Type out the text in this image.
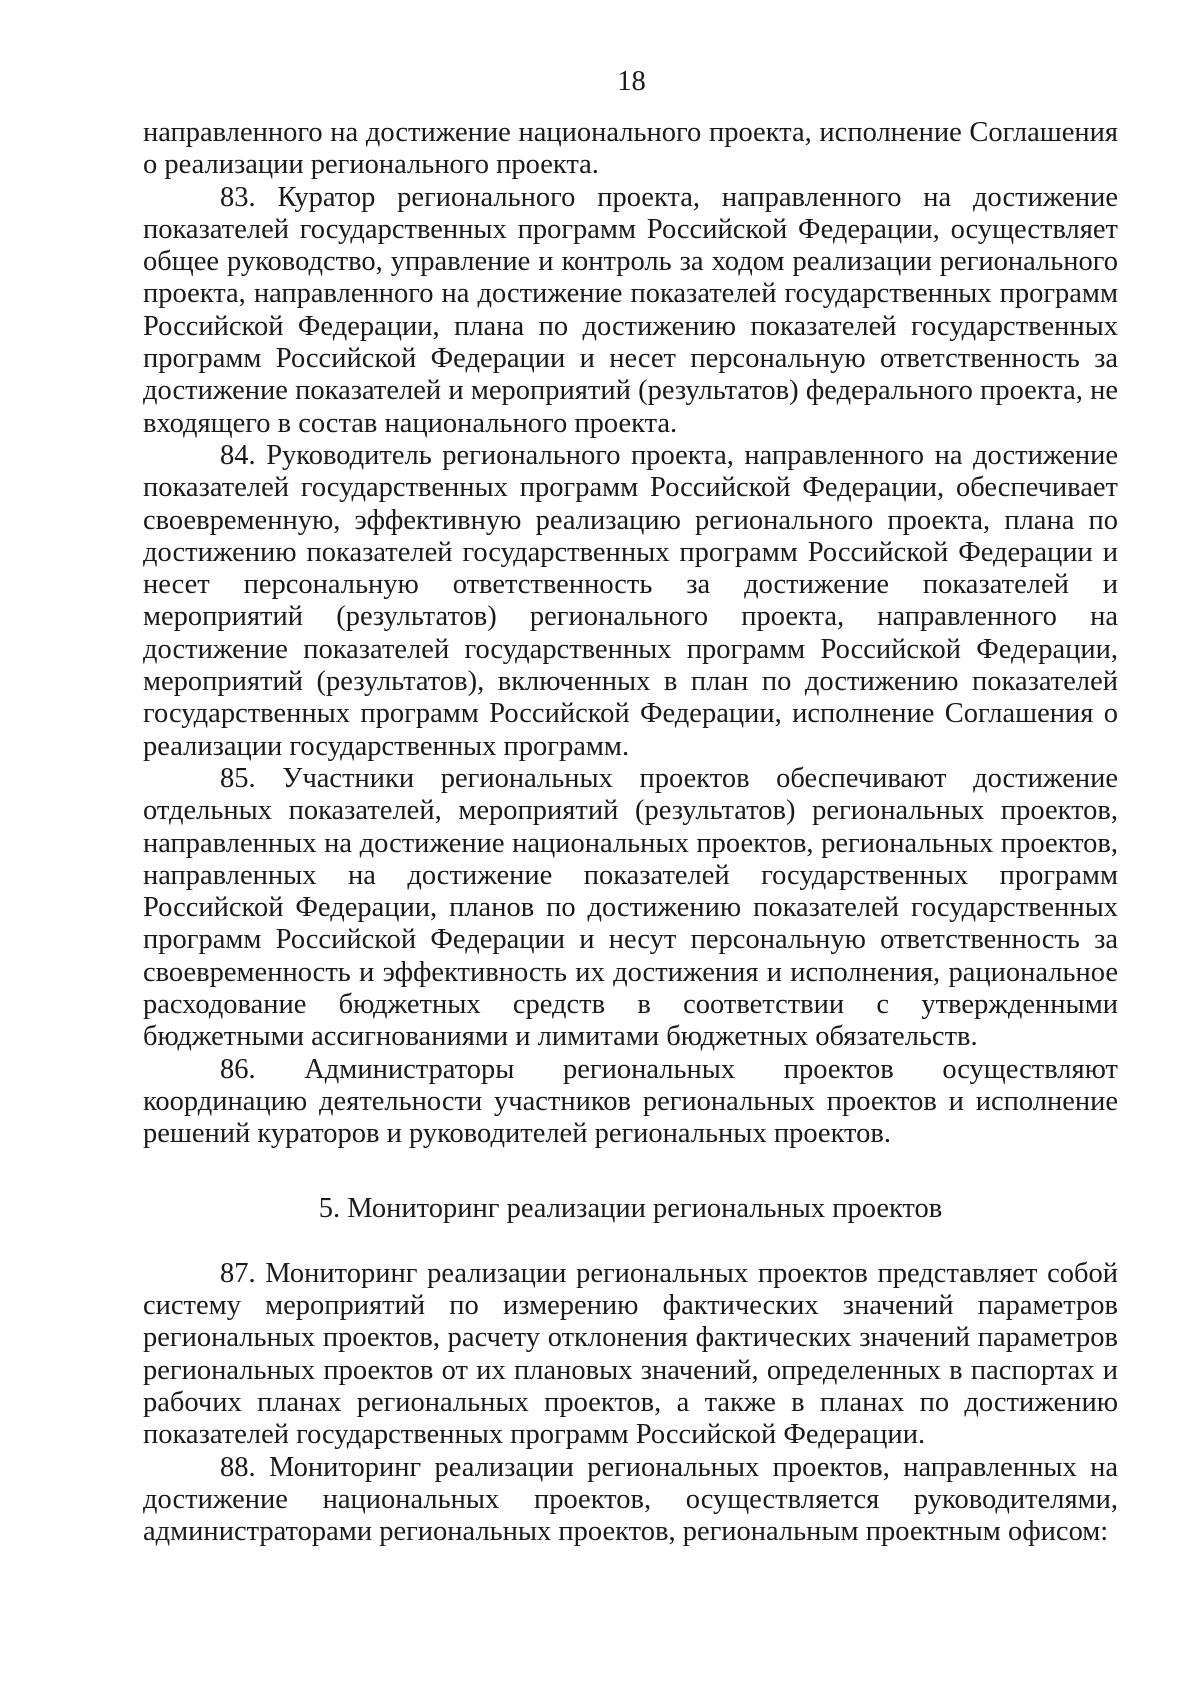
18

направленного на достижение национального проекта, исполнение Соглашения о реализации регионального проекта.

83. Куратор регионального проекта, направленного на достижение показателей государственных программ Российской Федерации, осуществляет общее руководство, управление и контроль за ходом реализации регионального проекта, направленного на достижение показателей государственных программ Российской Федерации, плана по достижению показателей государственных программ Российской Федерации и несет персональную ответственность за достижение показателей и мероприятий (результатов) федерального проекта, не входящего в состав национального проекта.

84. Руководитель регионального проекта, направленного на достижение показателей государственных программ Российской Федерации, обеспечивает своевременную, эффективную реализацию регионального проекта, плана по достижению показателей государственных программ Российской Федерации и несет персональную ответственность за достижение показателей и мероприятий (результатов) регионального проекта, направленного на достижение показателей государственных программ Российской Федерации, мероприятий (результатов), включенных в план по достижению показателей государственных программ Российской Федерации, исполнение Соглашения о реализации государственных программ.

85. Участники региональных проектов обеспечивают достижение отдельных показателей, мероприятий (результатов) региональных проектов, направленных на достижение национальных проектов, региональных проектов, направленных на достижение показателей государственных программ Российской Федерации, планов по достижению показателей государственных программ Российской Федерации и несут персональную ответственность за своевременность и эффективность их достижения и исполнения, рациональное расходование бюджетных средств в соответствии с утвержденными бюджетными ассигнованиями и лимитами бюджетных обязательств.

86. Администраторы региональных проектов осуществляют координацию деятельности участников региональных проектов и исполнение решений кураторов и руководителей региональных проектов.

5. Мониторинг реализации региональных проектов

87. Мониторинг реализации региональных проектов представляет собой систему мероприятий по измерению фактических значений параметров региональных проектов, расчету отклонения фактических значений параметров региональных проектов от их плановых значений, определенных в паспортах и рабочих планах региональных проектов, а также в планах по достижению показателей государственных программ Российской Федерации.

88. Мониторинг реализации региональных проектов, направленных на достижение национальных проектов, осуществляется руководителями, администраторами региональных проектов, региональным проектным офисом:
